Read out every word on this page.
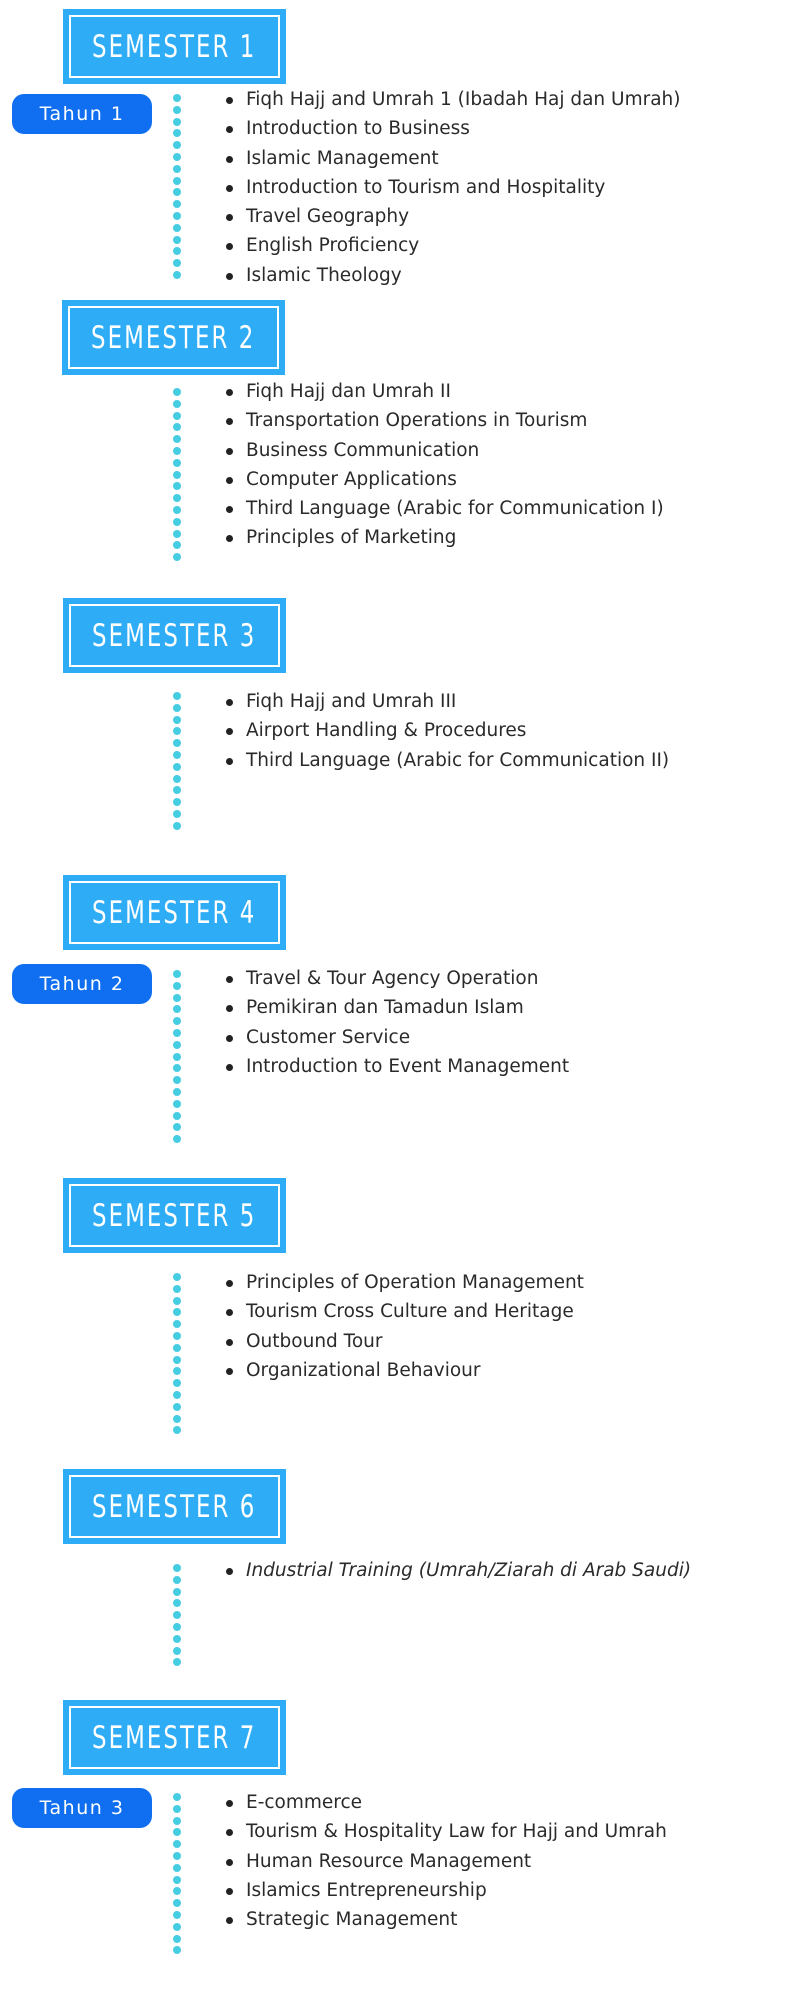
SEMESTER 1
Tahun 1
Fiqh Hajj and Umrah 1 (Ibadah Haj dan Umrah)
Introduction to Business
Islamic Management
Introduction to Tourism and Hospitality
Travel Geography
English Proficiency
Islamic Theology
SEMESTER 2
Fiqh Hajj dan Umrah II
Transportation Operations in Tourism
Business Communication
Computer Applications
Third Language (Arabic for Communication I)
Principles of Marketing
SEMESTER 3
Fiqh Hajj and Umrah III
Airport Handling & Procedures
Third Language (Arabic for Communication II)
SEMESTER 4
Tahun 2	Travel & Tour Agency Operation
Pemikiran dan Tamadun Islam
Customer Service
Introduction to Event Management
SEMESTER 5
Principles of Operation Management
Tourism Cross Culture and Heritage
Outbound Tour
Organizational Behaviour
SEMESTER 6
Industrial Training (Umrah/Ziarah di Arab Saudi)
SEMESTER 7
Tahun 3	E-commerce
Tourism & Hospitality Law for Hajj and Umrah
Human Resource Management
Islamics Entrepreneurship
Strategic Management
